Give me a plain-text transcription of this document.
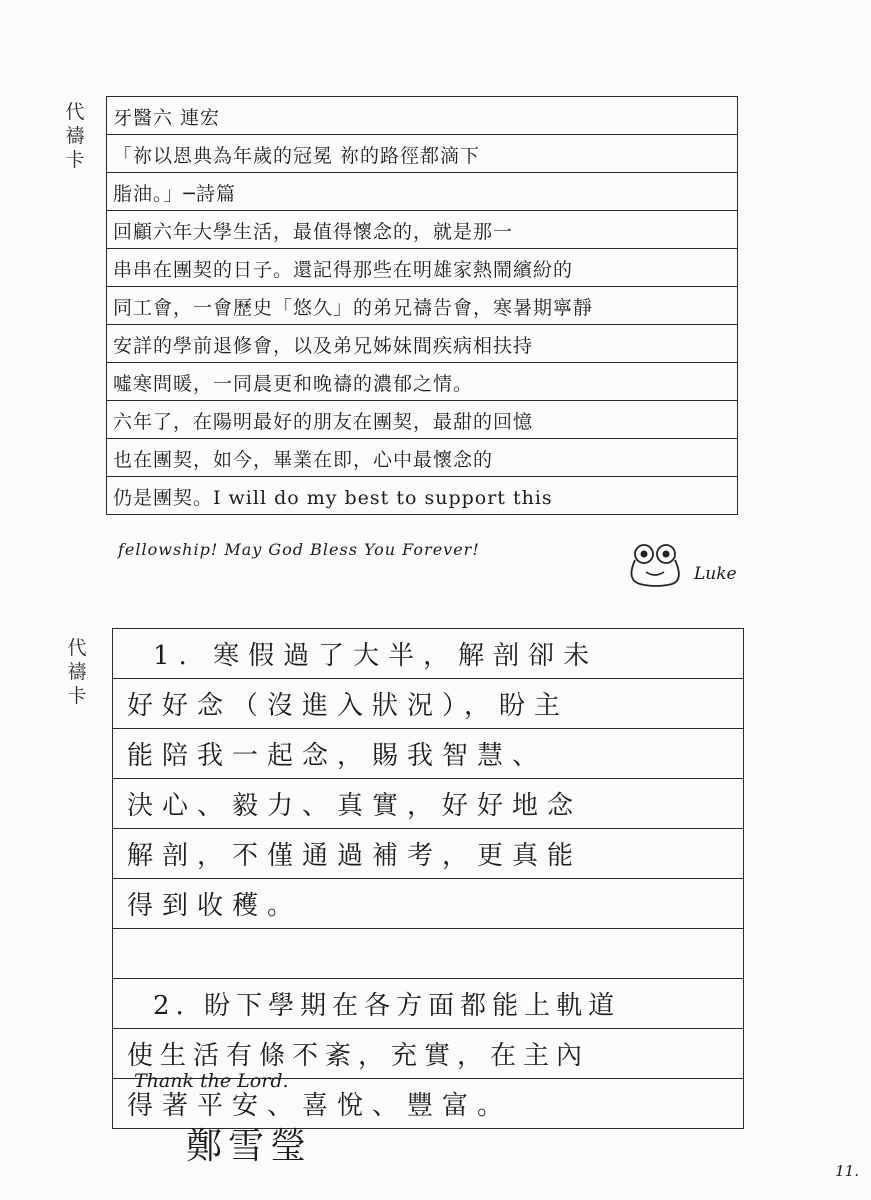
代
禱
卡
牙醫六 連宏
「祢以恩典為年歲的冠冕 祢的路徑都滴下
脂油。」─詩篇
回顧六年大學生活，最值得懷念的，就是那一
串串在團契的日子。還記得那些在明雄家熱鬧繽紛的
同工會，一會歷史「悠久」的弟兄禱告會，寒暑期寧靜
安詳的學前退修會，以及弟兄姊妹間疾病相扶持
噓寒問暖，一同晨更和晚禱的濃郁之情。
六年了，在陽明最好的朋友在團契，最甜的回憶
也在團契，如今，畢業在即，心中最懷念的
仍是團契。I will do my best to support this
fellowship! May God Bless You Forever!
Luke
代
禱
卡
1. 寒假過了大半，解剖卻未
好好念（沒進入狀況），盼主
能陪我一起念，賜我智慧、
決心、毅力、真實，好好地念
解剖，不僅通過補考，更真能
得到收穫。
2. 盼下學期在各方面都能上軌道
使生活有條不紊，充實，在主內
得著平安、喜悅、豐富。
Thank the Lord.
鄭雪瑩
11.
